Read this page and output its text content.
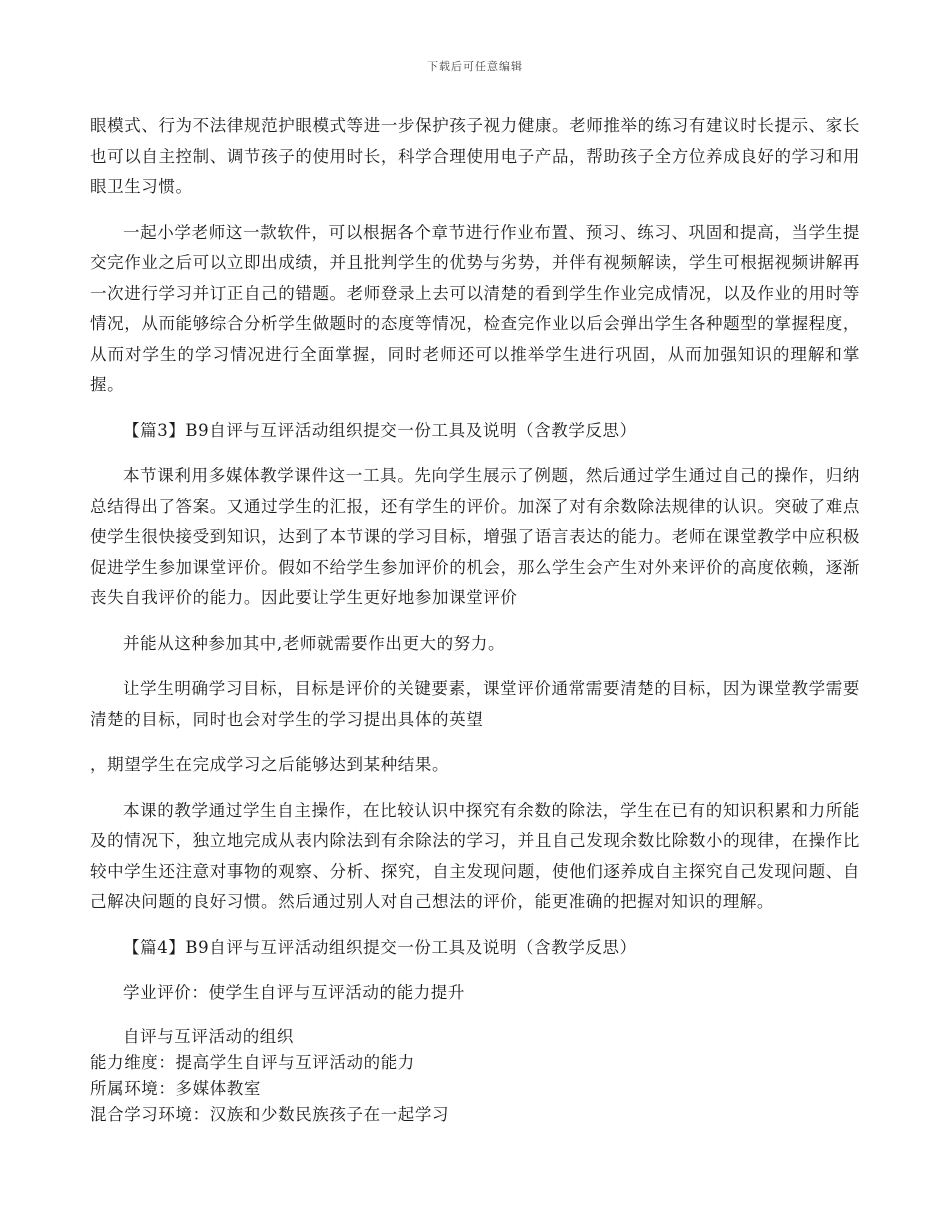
下载后可任意编辑

眼模式、行为不法律规范护眼模式等进一步保护孩子视力健康。老师推举的练习有建议时长提示、家长也可以自主控制、调节孩子的使用时长，科学合理使用电子产品，帮助孩子全方位养成良好的学习和用眼卫生习惯。

一起小学老师这一款软件，可以根据各个章节进行作业布置、预习、练习、巩固和提高，当学生提交完作业之后可以立即出成绩，并且批判学生的优势与劣势，并伴有视频解读，学生可根据视频讲解再一次进行学习并订正自己的错题。老师登录上去可以清楚的看到学生作业完成情况，以及作业的用时等情况，从而能够综合分析学生做题时的态度等情况，检查完作业以后会弹出学生各种题型的掌握程度，从而对学生的学习情况进行全面掌握，同时老师还可以推举学生进行巩固，从而加强知识的理解和掌握。

【篇3】B9自评与互评活动组织提交一份工具及说明（含教学反思）

本节课利用多媒体教学课件这一工具。先向学生展示了例题，然后通过学生通过自己的操作，归纳总结得出了答案。又通过学生的汇报，还有学生的评价。加深了对有余数除法规律的认识。突破了难点使学生很快接受到知识，达到了本节课的学习目标，增强了语言表达的能力。老师在课堂教学中应积极促进学生参加课堂评价。假如不给学生参加评价的机会，那么学生会产生对外来评价的高度依赖，逐渐丧失自我评价的能力。因此要让学生更好地参加课堂评价

并能从这种参加其中,老师就需要作出更大的努力。

让学生明确学习目标，目标是评价的关键要素，课堂评价通常需要清楚的目标，因为课堂教学需要清楚的目标，同时也会对学生的学习提出具体的英望

，期望学生在完成学习之后能够达到某种结果。

本课的教学通过学生自主操作，在比较认识中探究有余数的除法，学生在已有的知识积累和力所能及的情况下，独立地完成从表内除法到有余除法的学习，并且自己发现余数比除数小的现律，在操作比较中学生还注意对事物的观察、分析、探究，自主发现问题，使他们逐养成自主探究自己发现问题、自己解决问题的良好习惯。然后通过别人对自己想法的评价，能更准确的把握对知识的理解。

【篇4】B9自评与互评活动组织提交一份工具及说明（含教学反思）

学业评价：使学生自评与互评活动的能力提升

自评与互评活动的组织

能力维度：提高学生自评与互评活动的能力

所属环境：多媒体教室

混合学习环境：汉族和少数民族孩子在一起学习
